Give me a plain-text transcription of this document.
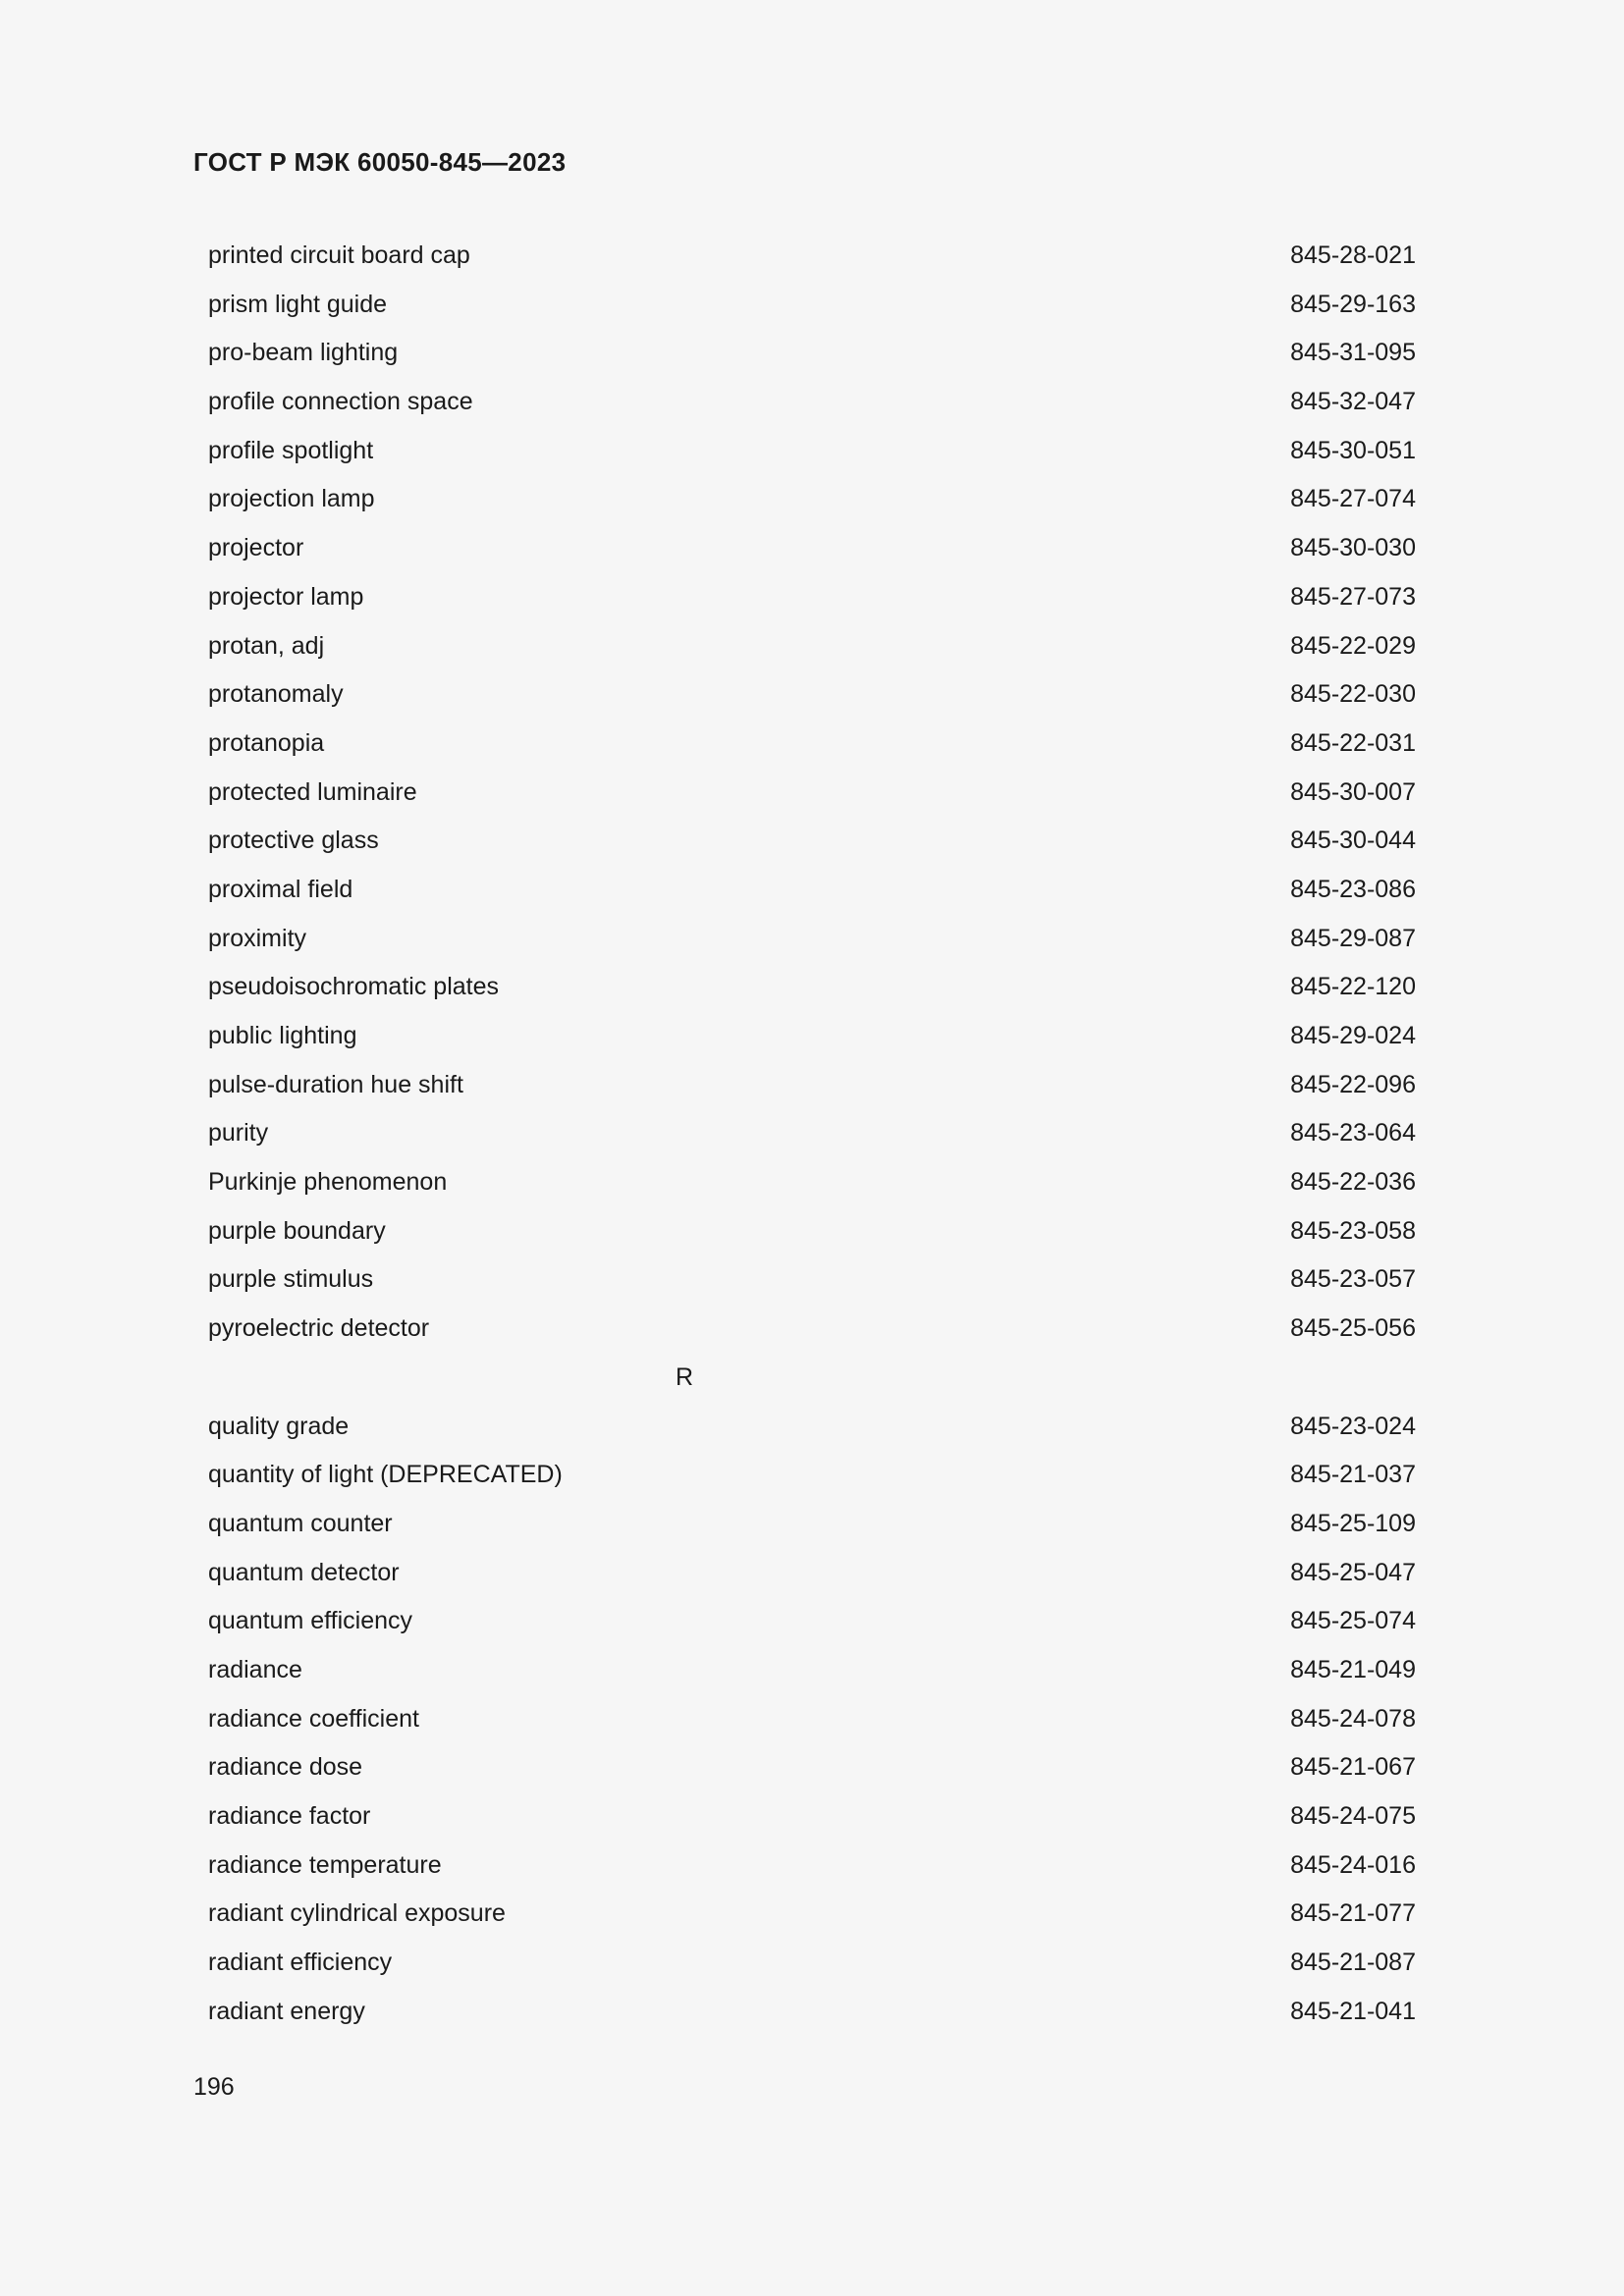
ГОСТ Р МЭК 60050-845—2023
printed circuit board cap	845-28-021
prism light guide	845-29-163
pro-beam lighting	845-31-095
profile connection space	845-32-047
profile spotlight	845-30-051
projection lamp	845-27-074
projector	845-30-030
projector lamp	845-27-073
protan, adj	845-22-029
protanomaly	845-22-030
protanopia	845-22-031
protected luminaire	845-30-007
protective glass	845-30-044
proximal field	845-23-086
proximity	845-29-087
pseudoisochromatic plates	845-22-120
public lighting	845-29-024
pulse-duration hue shift	845-22-096
purity	845-23-064
Purkinje phenomenon	845-22-036
purple boundary	845-23-058
purple stimulus	845-23-057
pyroelectric detector	845-25-056
R
quality grade	845-23-024
quantity of light (DEPRECATED)	845-21-037
quantum counter	845-25-109
quantum detector	845-25-047
quantum efficiency	845-25-074
radiance	845-21-049
radiance coefficient	845-24-078
radiance dose	845-21-067
radiance factor	845-24-075
radiance temperature	845-24-016
radiant cylindrical exposure	845-21-077
radiant efficiency	845-21-087
radiant energy	845-21-041
196
